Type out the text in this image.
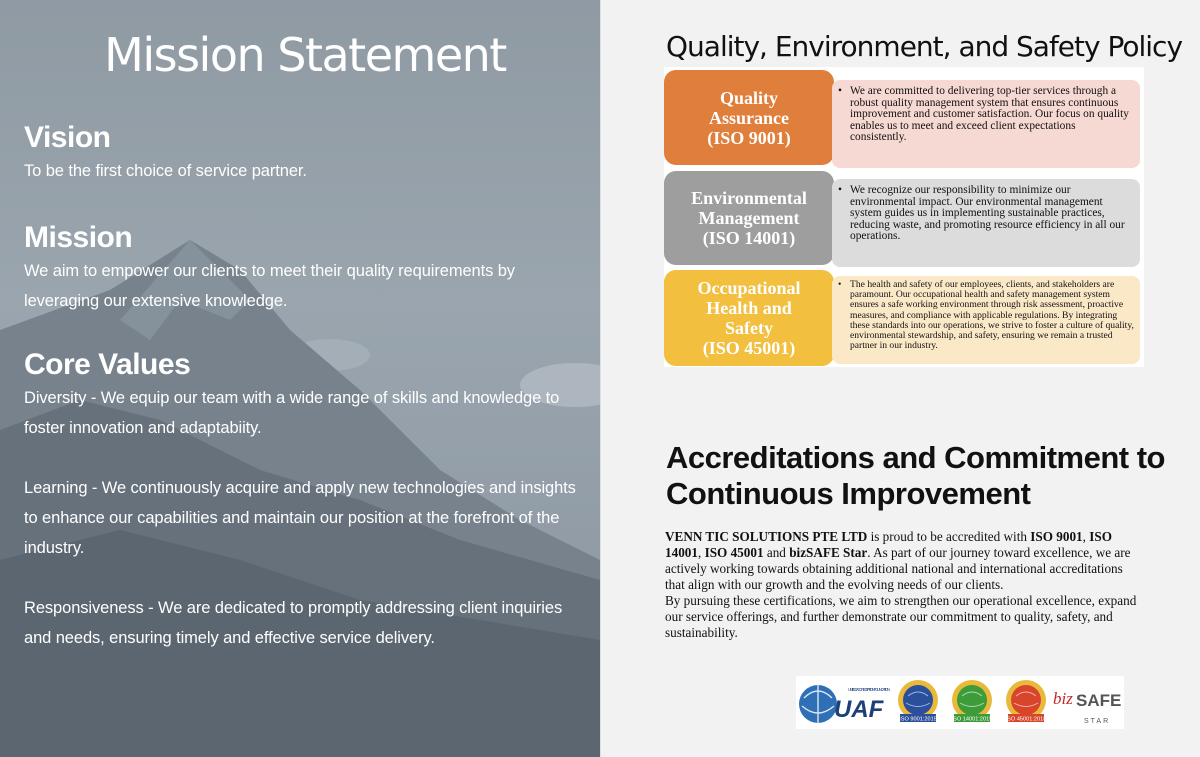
Mission Statement
Vision

To be the first choice of service partner.

Mission

We aim to empower our clients to meet their quality requirements by leveraging our extensive knowledge.

Core Values

Diversity - We equip our team with a wide range of skills and knowledge to foster innovation and adaptabiity.

Learning - We continuously acquire and apply new technologies and insights to enhance our capabilities and maintain our position at the forefront of the industry.

Responsiveness - We are dedicated to promptly addressing client inquiries and needs, ensuring timely and effective service delivery.

Quality, Environment, and Safety Policy
Quality
Assurance
(ISO 9001)
• We are committed to delivering top-tier services through a robust quality management system that ensures continuous improvement and customer satisfaction. Our focus on quality enables us to meet and exceed client expectations consistently.
Environmental
Management
(ISO 14001)
• We recognize our responsibility to minimize our environmental impact. Our environmental management system guides us in implementing sustainable practices, reducing waste, and promoting resource efficiency in all our operations.
Occupational
Health and
Safety
(ISO 45001)
• The health and safety of our employees, clients, and stakeholders are paramount. Our occupational health and safety management system ensures a safe working environment through risk assessment, proactive measures, and compliance with applicable regulations. By integrating these standards into our operations, we strive to foster a culture of quality, environmental stewardship, and safety, ensuring we remain a trusted partner in our industry.
Accreditations and Commitment to Continuous Improvement

VENN TIC SOLUTIONS PTE LTD is proud to be accredited with ISO 9001, ISO 14001, ISO 45001 and bizSAFE Star. As part of our journey toward excellence, we are actively working towards obtaining additional national and international accreditations that align with our growth and the evolving needs of our clients.
By pursuing these certifications, we aim to strengthen our operational excellence, expand our service offerings, and further demonstrate our commitment to quality, safety, and sustainability.

UAF
UNITED ACCREDITATION FOUNDATION
ISO 9001:2015	ISO 14001:2015 ISO 45001:2018
biz SAFE
STAR
